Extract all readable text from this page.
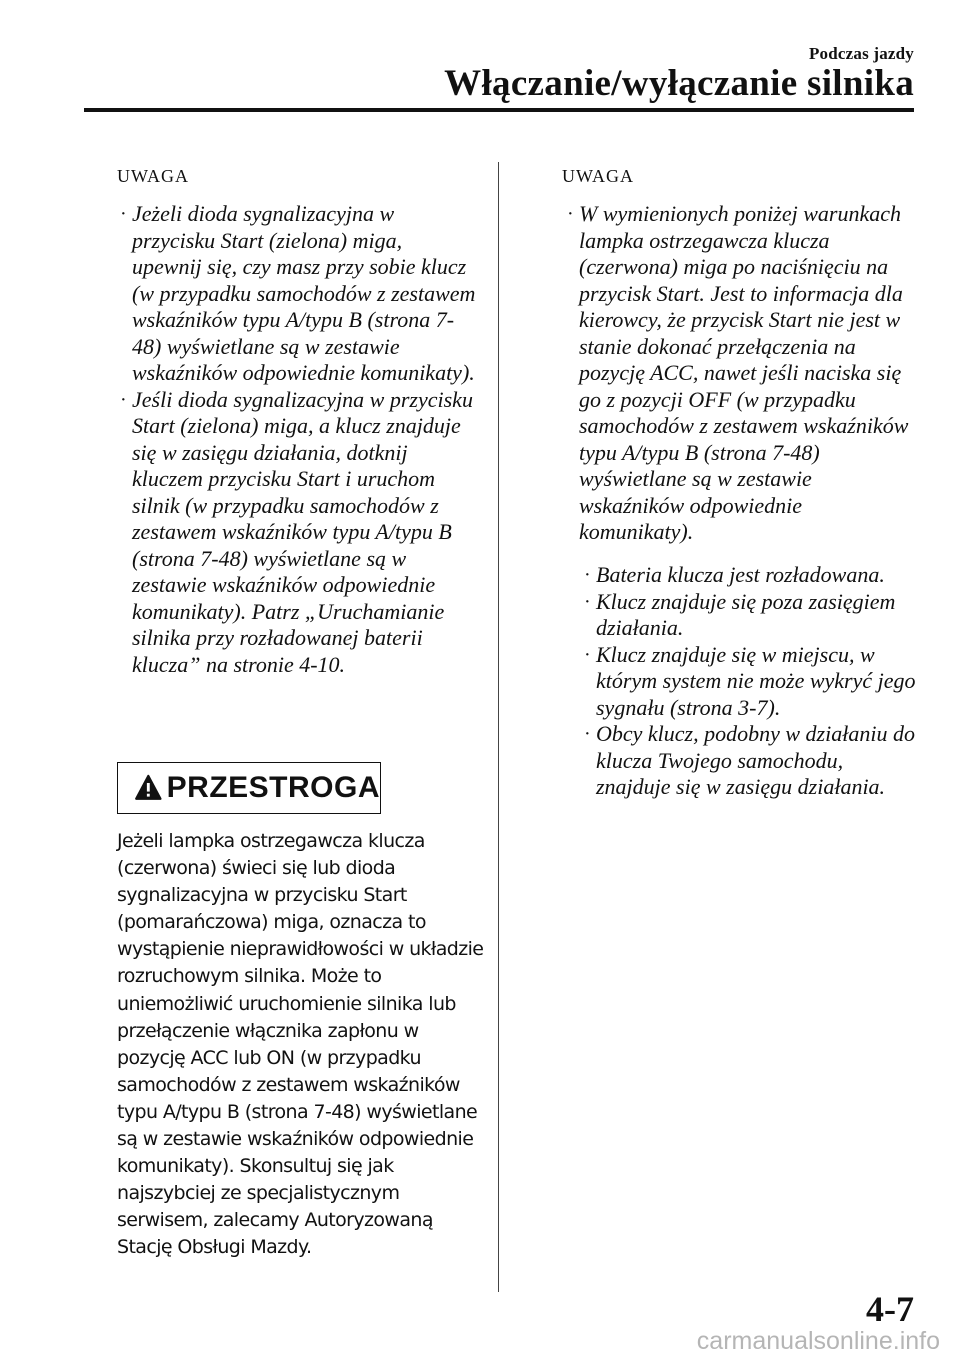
Podczas jazdy
Włączanie/wyłączanie silnika
UWAGA
· Jeżeli dioda sygnalizacyjna w przycisku Start (zielona) miga, upewnij się, czy masz przy sobie klucz (w przypadku samochodów z zestawem wskaźników typu A/typu B (strona 7-48) wyświetlane są w zestawie wskaźników odpowiednie komunikaty).
· Jeśli dioda sygnalizacyjna w przycisku Start (zielona) miga, a klucz znajduje się w zasięgu działania, dotknij kluczem przycisku Start i uruchom silnik (w przypadku samochodów z zestawem wskaźników typu A/typu B (strona 7-48) wyświetlane są w zestawie wskaźników odpowiednie komunikaty). Patrz „Uruchamianie silnika przy rozładowanej baterii klucza” na stronie 4-10.
PRZESTROGA

Jeżeli lampka ostrzegawcza klucza (czerwona) świeci się lub dioda sygnalizacyjna w przycisku Start (pomarańczowa) miga, oznacza to wystąpienie nieprawidłowości w układzie rozruchowym silnika. Może to uniemożliwić uruchomienie silnika lub przełączenie włącznika zapłonu w pozycję ACC lub ON (w przypadku samochodów z zestawem wskaźników typu A/typu B (strona 7-48) wyświetlane są w zestawie wskaźników odpowiednie komunikaty). Skonsultuj się jak najszybciej ze specjalistycznym serwisem, zalecamy Autoryzowaną Stację Obsługi Mazdy.

UWAGA
· W wymienionych poniżej warunkach lampka ostrzegawcza klucza (czerwona) miga po naciśnięciu na przycisk Start. Jest to informacja dla kierowcy, że przycisk Start nie jest w stanie dokonać przełączenia na pozycję ACC, nawet jeśli naciska się go z pozycji OFF (w przypadku samochodów z zestawem wskaźników typu A/typu B (strona 7-48) wyświetlane są w zestawie wskaźników odpowiednie komunikaty).
· Bateria klucza jest rozładowana.
· Klucz znajduje się poza zasięgiem działania.
· Klucz znajduje się w miejscu, w którym system nie może wykryć jego sygnału (strona 3-7).
· Obcy klucz, podobny w działaniu do klucza Twojego samochodu, znajduje się w zasięgu działania.
4-7
carmanualsonline.info
